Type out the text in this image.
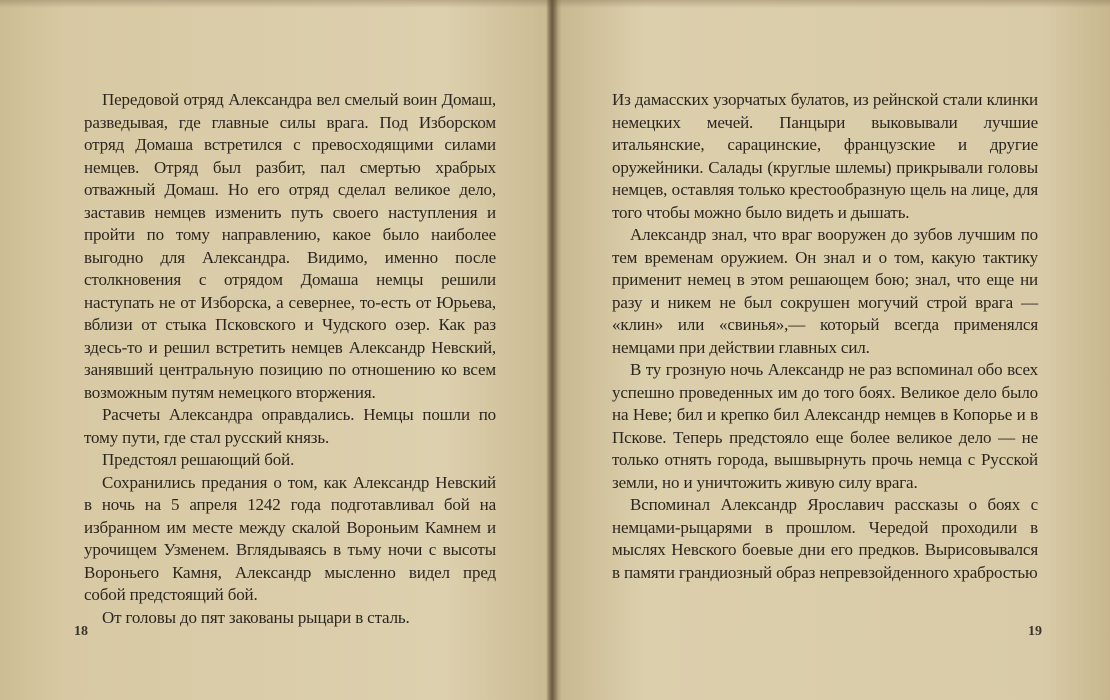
Передовой отряд Александра вел смелый воин Домаш, разведывая, где главные силы врага. Под Изборском отряд Домаша встретился с превосходящими силами немцев. Отряд был разбит, пал смертью храбрых отважный Домаш. Но его отряд сделал великое дело, заставив немцев изменить путь своего наступления и пройти по тому направлению, какое было наиболее выгодно для Александра. Видимо, именно после столкновения с отрядом Домаша немцы решили наступать не от Изборска, а севернее, то-есть от Юрьева, вблизи от стыка Псковского и Чудского озер. Как раз здесь-то и решил встретить немцев Александр Невский, занявший центральную позицию по отношению ко всем возможным путям немецкого вторжения.

Расчеты Александра оправдались. Немцы пошли по тому пути, где стал русский князь.

Предстоял решающий бой.

Сохранились предания о том, как Александр Невский в ночь на 5 апреля 1242 года подготавливал бой на избранном им месте между скалой Вороньим Камнем и урочищем Узменем. Вглядываясь в тьму ночи с высоты Вороньего Камня, Александр мысленно видел пред собой предстоящий бой.

От головы до пят закованы рыцари в сталь.

18

Из дамасских узорчатых булатов, из рейнской стали клинки немецких мечей. Панцыри выковывали лучшие итальянские, сарацинские, французские и другие оружейники. Салады (круглые шлемы) прикрывали головы немцев, оставляя только крестообразную щель на лице, для того чтобы можно было видеть и дышать.

Александр знал, что враг вооружен до зубов лучшим по тем временам оружием. Он знал и о том, какую тактику применит немец в этом решающем бою; знал, что еще ни разу и никем не был сокрушен могучий строй врага — «клин» или «свинья»,— который всегда применялся немцами при действии главных сил.

В ту грозную ночь Александр не раз вспоминал обо всех успешно проведенных им до того боях. Великое дело было на Неве; бил и крепко бил Александр немцев в Копорье и в Пскове. Теперь предстояло еще более великое дело — не только отнять города, вышвырнуть прочь немца с Русской земли, но и уничтожить живую силу врага.

Вспоминал Александр Ярославич рассказы о боях с немцами-рыцарями в прошлом. Чередой проходили в мыслях Невского боевые дни его предков. Вырисовывался в памяти грандиозный образ непревзойденного храбростью

19
